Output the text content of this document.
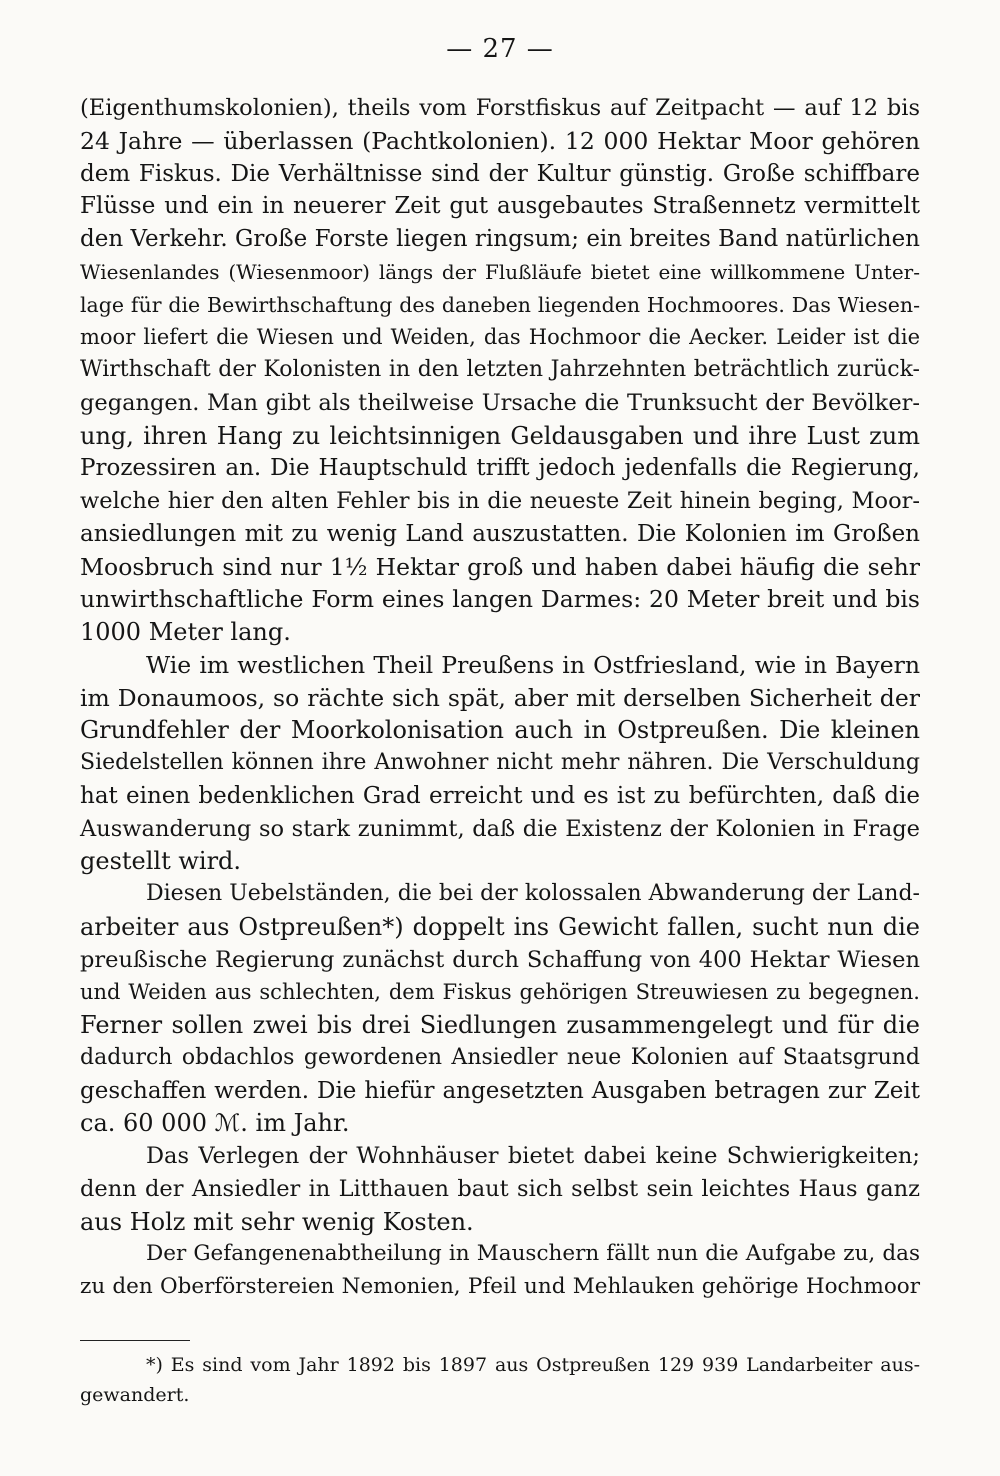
— 27 —
(Eigenthumskolonien), theils vom Forstfiskus auf Zeitpacht — auf 12 bis
24 Jahre — überlassen (Pachtkolonien). 12 000 Hektar Moor gehören
dem Fiskus. Die Verhältnisse sind der Kultur günstig. Große schiffbare
Flüsse und ein in neuerer Zeit gut ausgebautes Straßennetz vermittelt
den Verkehr. Große Forste liegen ringsum; ein breites Band natürlichen
Wiesenlandes (Wiesenmoor) längs der Flußläufe bietet eine willkommene Unter-
lage für die Bewirthschaftung des daneben liegenden Hochmoores. Das Wiesen-
moor liefert die Wiesen und Weiden, das Hochmoor die Aecker. Leider ist die
Wirthschaft der Kolonisten in den letzten Jahrzehnten beträchtlich zurück-
gegangen. Man gibt als theilweise Ursache die Trunksucht der Bevölker-
ung, ihren Hang zu leichtsinnigen Geldausgaben und ihre Lust zum
Prozessiren an. Die Hauptschuld trifft jedoch jedenfalls die Regierung,
welche hier den alten Fehler bis in die neueste Zeit hinein beging, Moor-
ansiedlungen mit zu wenig Land auszustatten. Die Kolonien im Großen
Moosbruch sind nur 1½ Hektar groß und haben dabei häufig die sehr
unwirthschaftliche Form eines langen Darmes: 20 Meter breit und bis
1000 Meter lang.
Wie im westlichen Theil Preußens in Ostfriesland, wie in Bayern
im Donaumoos, so rächte sich spät, aber mit derselben Sicherheit der
Grundfehler der Moorkolonisation auch in Ostpreußen. Die kleinen
Siedelstellen können ihre Anwohner nicht mehr nähren. Die Verschuldung
hat einen bedenklichen Grad erreicht und es ist zu befürchten, daß die
Auswanderung so stark zunimmt, daß die Existenz der Kolonien in Frage
gestellt wird.
Diesen Uebelständen, die bei der kolossalen Abwanderung der Land-
arbeiter aus Ostpreußen*) doppelt ins Gewicht fallen, sucht nun die
preußische Regierung zunächst durch Schaffung von 400 Hektar Wiesen
und Weiden aus schlechten, dem Fiskus gehörigen Streuwiesen zu begegnen.
Ferner sollen zwei bis drei Siedlungen zusammengelegt und für die
dadurch obdachlos gewordenen Ansiedler neue Kolonien auf Staatsgrund
geschaffen werden. Die hiefür angesetzten Ausgaben betragen zur Zeit
ca. 60 000 ℳ. im Jahr.
Das Verlegen der Wohnhäuser bietet dabei keine Schwierigkeiten;
denn der Ansiedler in Litthauen baut sich selbst sein leichtes Haus ganz
aus Holz mit sehr wenig Kosten.
Der Gefangenenabtheilung in Mauschern fällt nun die Aufgabe zu, das
zu den Oberförstereien Nemonien, Pfeil und Mehlauken gehörige Hochmoor
*) Es sind vom Jahr 1892 bis 1897 aus Ostpreußen 129 939 Landarbeiter aus-
gewandert.
